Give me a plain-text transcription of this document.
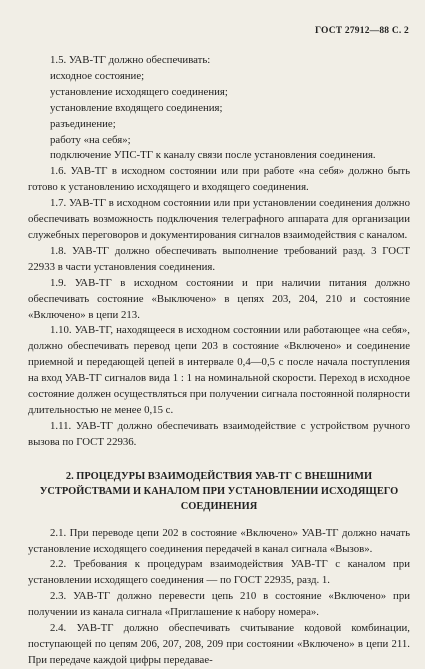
ГОСТ 27912—88 С. 2

1.5. УАВ-ТГ должно обеспечивать:

исходное состояние;
установление исходящего соединения;
установление входящего соединения;
разъединение;
работу «на себя»;
подключение УПС-ТГ к каналу связи после установления соединения.

1.6. УАВ-ТГ в исходном состоянии или при работе «на себя» должно быть готово к установлению исходящего и входящего соединения.

1.7. УАВ-ТГ в исходном состоянии или при установлении соединения должно обеспечивать возможность подключения телеграфного аппарата для организации служебных переговоров и документирования сигналов взаимодействия с каналом.

1.8. УАВ-ТГ должно обеспечивать выполнение требований разд. 3 ГОСТ 22933 в части установления соединения.

1.9. УАВ-ТГ в исходном состоянии и при наличии питания должно обеспечивать состояние «Выключено» в цепях 203, 204, 210 и состояние «Включено» в цепи 213.

1.10. УАВ-ТГ, находящееся в исходном состоянии или работающее «на себя», должно обеспечивать перевод цепи 203 в состояние «Включено» и соединение приемной и передающей цепей в интервале 0,4—0,5 с после начала поступления на вход УАВ-ТГ сигналов вида 1 : 1 на номинальной скорости. Переход в исходное состояние должен осуществляться при получении сигнала постоянной полярности длительностью не менее 0,15 с.

1.11. УАВ-ТГ должно обеспечивать взаимодействие с устройством ручного вызова по ГОСТ 22936.

2. ПРОЦЕДУРЫ ВЗАИМОДЕЙСТВИЯ УАВ-ТГ С ВНЕШНИМИ УСТРОЙСТВАМИ И КАНАЛОМ ПРИ УСТАНОВЛЕНИИ ИСХОДЯЩЕГО СОЕДИНЕНИЯ

2.1. При переводе цепи 202 в состояние «Включено» УАВ-ТГ должно начать установление исходящего соединения передачей в канал сигнала «Вызов».

2.2. Требования к процедурам взаимодействия УАВ-ТГ с каналом при установлении исходящего соединения — по ГОСТ 22935, разд. 1.

2.3. УАВ-ТГ должно перевести цепь 210 в состояние «Включено» при получении из канала сигнала «Приглашение к набору номера».

2.4. УАВ-ТГ должно обеспечивать считывание кодовой комбинации, поступающей по цепям 206, 207, 208, 209 при состоянии «Включено» в цепи 211. При передаче каждой цифры передаваe-
